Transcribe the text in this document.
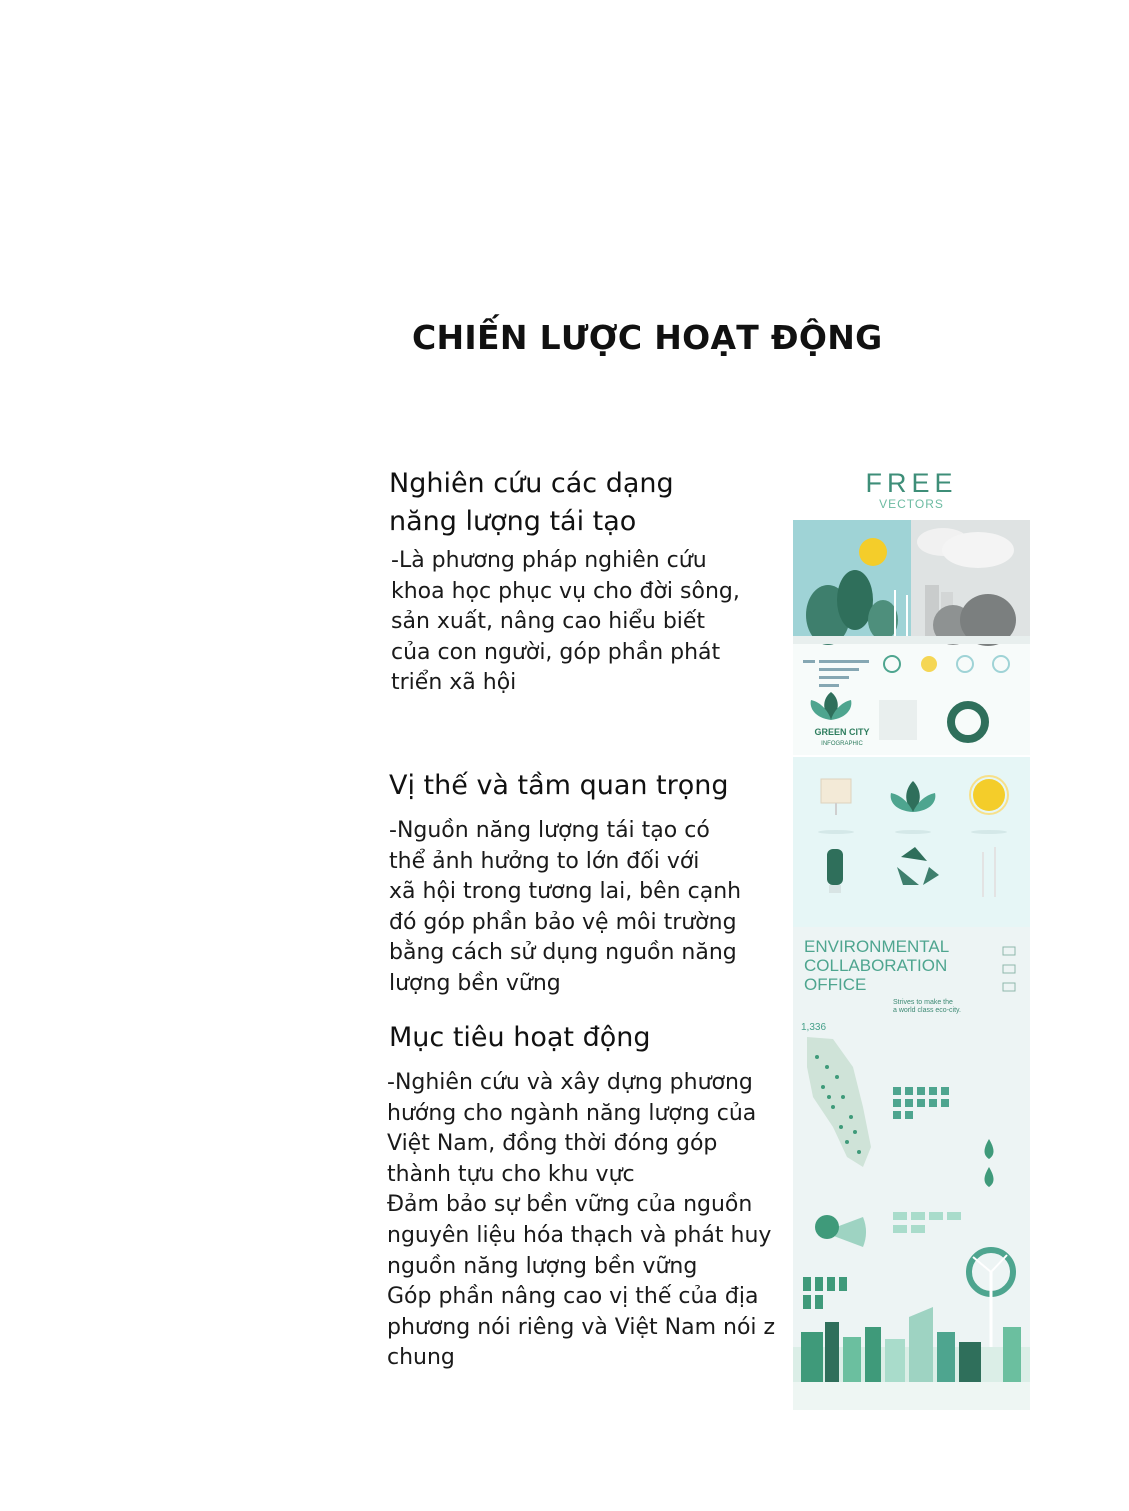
CHIẾN LƯỢC HOẠT ĐỘNG
Nghiên cứu các dạng
năng lượng tái tạo
-Là phương pháp nghiên cứu
khoa học phục vụ cho đời sông,
sản xuất, nâng cao hiểu biết
của con người, góp phần phát
triển xã hội
Vị thế và tầm quan trọng
-Nguồn năng lượng tái tạo có
thể ảnh hưởng to lớn đối với
xã hội trong tương lai, bên cạnh
đó góp phần bảo vệ môi trường
bằng cách sử dụng nguồn năng
lượng bền vững
Mục tiêu hoạt động
-Nghiên cứu và xây dựng phương
hướng cho ngành năng lượng của
Việt Nam, đồng thời đóng góp
thành tựu cho khu vực
Đảm bảo sự bền vững của nguồn
nguyên liệu hóa thạch và phát huy
nguồn năng lượng bền vững
Góp phần nâng cao vị thế của địa
phương nói riêng và Việt Nam nói z
chung
FREE
VECTORS
GREEN CITY
INFOGRAPHIC
ENVIRONMENTAL
COLLABORATION
OFFICE
Strives to make the
a world class eco-city.
1,336
